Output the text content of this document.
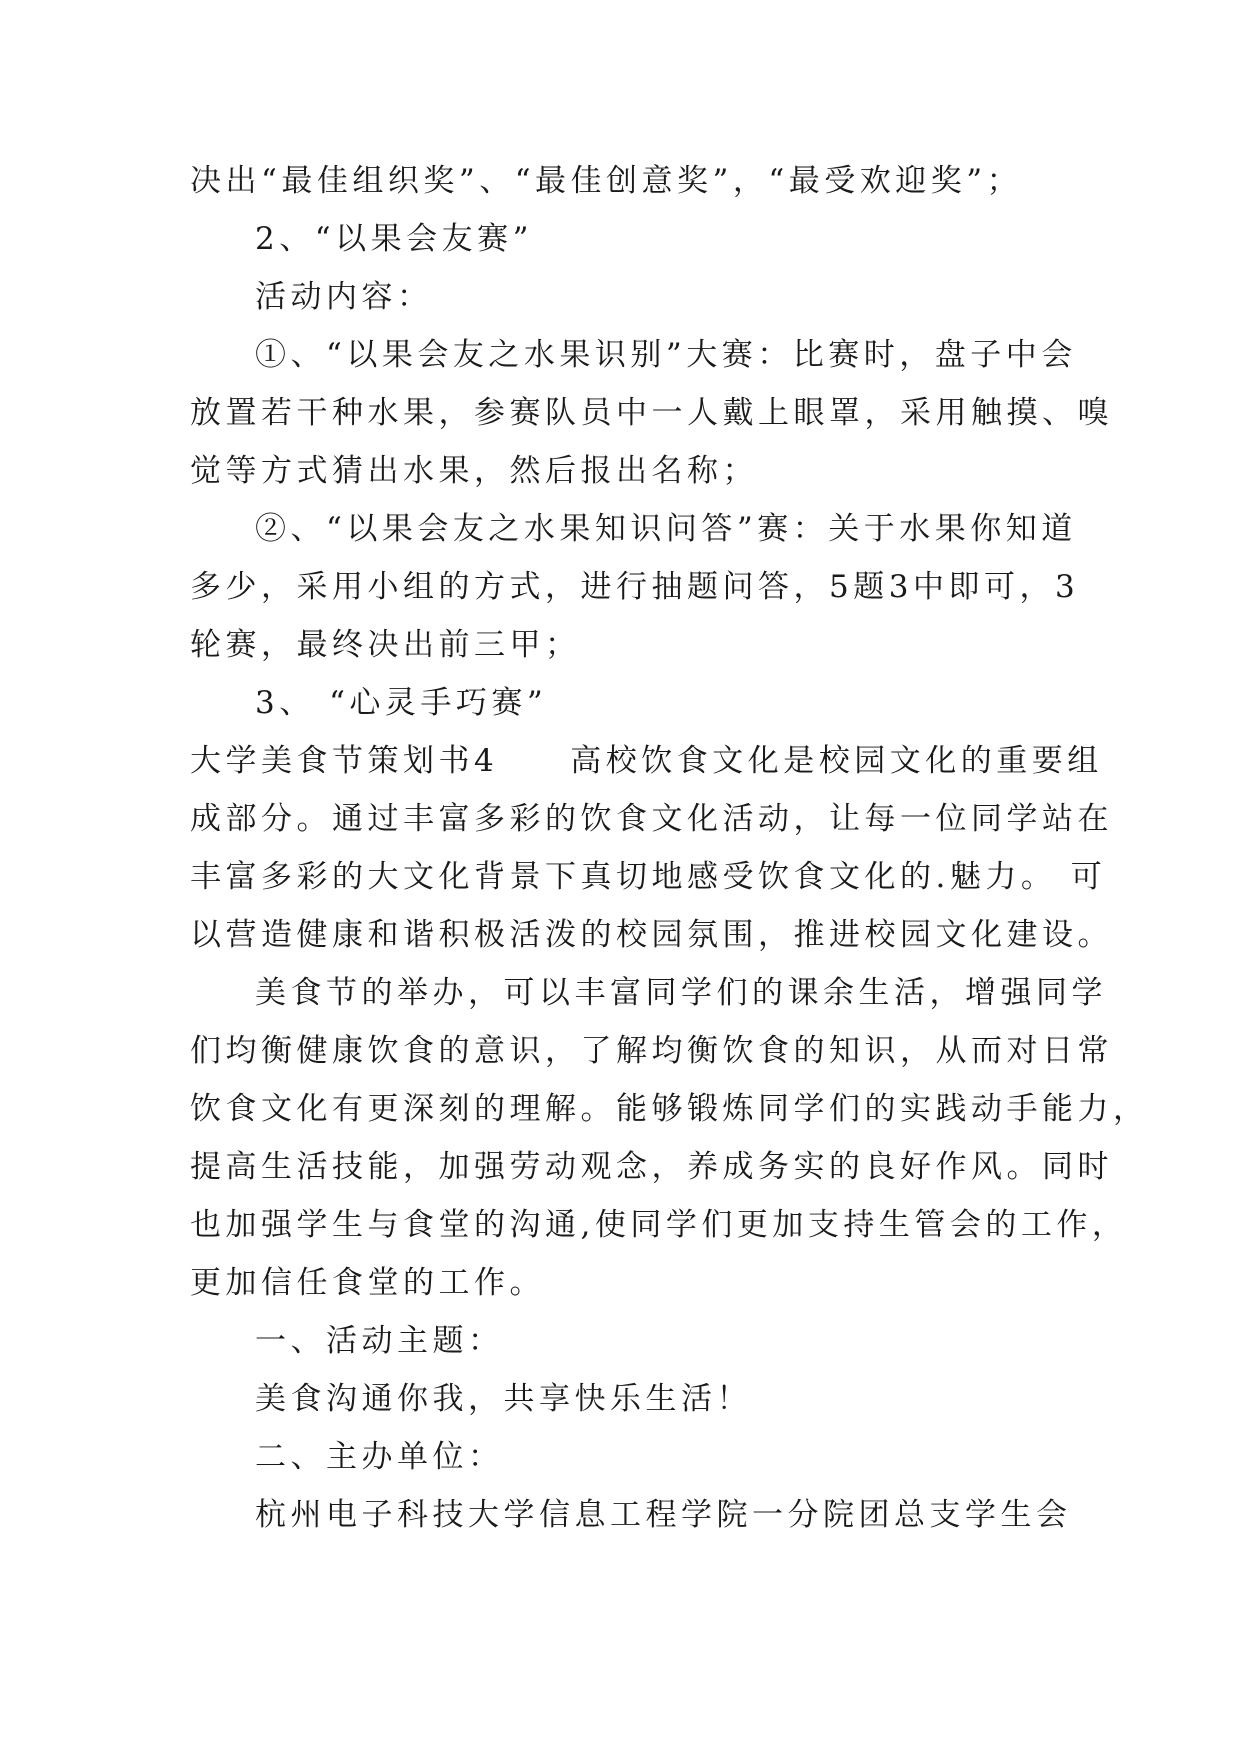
决出“最佳组织奖”、“最佳创意奖”，“最受欢迎奖”；
2、“以果会友赛”
活动内容：
①、“以果会友之水果识别”大赛：比赛时，盘子中会
放置若干种水果，参赛队员中一人戴上眼罩，采用触摸、嗅
觉等方式猜出水果，然后报出名称；
②、“以果会友之水果知识问答”赛：关于水果你知道
多少，采用小组的方式，进行抽题问答，5题3中即可，3
轮赛，最终决出前三甲；
3、 “心灵手巧赛”
大学美食节策划书4 高校饮食文化是校园文化的重要组
成部分。通过丰富多彩的饮食文化活动，让每一位同学站在
丰富多彩的大文化背景下真切地感受饮食文化的.魅力。 可
以营造健康和谐积极活泼的校园氛围，推进校园文化建设。
美食节的举办，可以丰富同学们的课余生活，增强同学
们均衡健康饮食的意识，了解均衡饮食的知识，从而对日常
饮食文化有更深刻的理解。能够锻炼同学们的实践动手能力，
提高生活技能，加强劳动观念，养成务实的良好作风。同时
也加强学生与食堂的沟通,使同学们更加支持生管会的工作，
更加信任食堂的工作。
一、活动主题：
美食沟通你我，共享快乐生活！
二、主办单位：
杭州电子科技大学信息工程学院一分院团总支学生会
